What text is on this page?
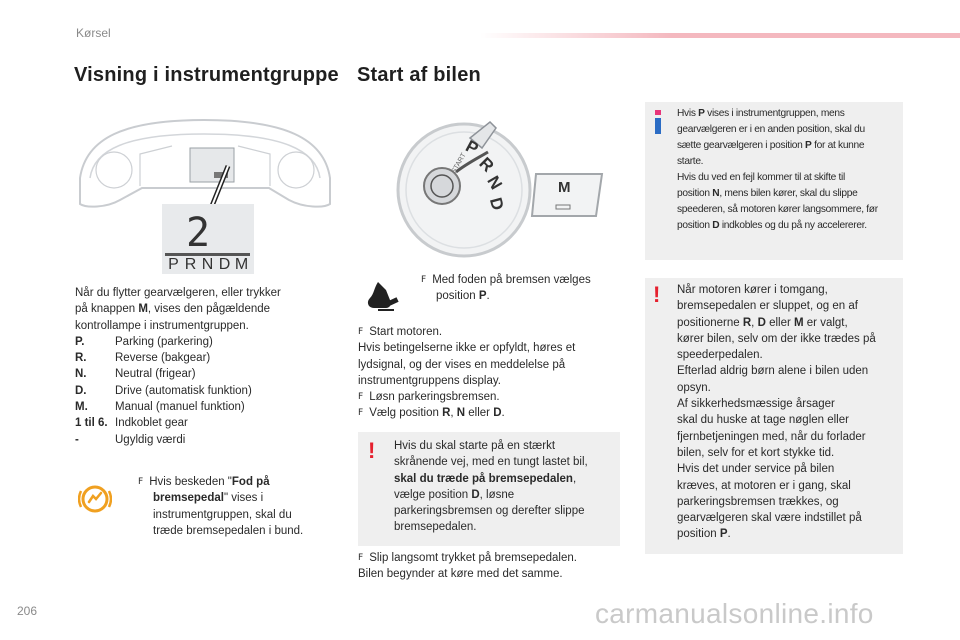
Kørsel
Visning i instrumentgruppe
2
P R N D M
Når du flytter gearvælgeren, eller trykker
på knappen M, vises den pågældende
kontrollampe i instrumentgruppen.
P.	Parking (parkering)
R.	Reverse (bakgear)
N.	Neutral (frigear)
D.	Drive (automatisk funktion)
M.	Manual (manuel funktion)
1 til 6. Indkoblet gear
-	Ugyldig værdi
F Hvis beskeden "Fod på
bremsepedal" vises i
instrumentgruppen, skal du
træde bremsepedalen i bund.
Start af bilen
P
R
N
D
START
M
F Med foden på bremsen vælges
position P.
F Start motoren.
Hvis betingelserne ikke er opfyldt, høres et
lydsignal, og der vises en meddelelse på
instrumentgruppens display.
F Løsn parkeringsbremsen.
F Vælg position R, N eller D.
! Hvis du skal starte på en stærkt
skrånende vej, med en tungt lastet bil,
skal du træde på bremsepedalen,
vælge position D, løsne
parkeringsbremsen og derefter slippe
bremsepedalen.
F Slip langsomt trykket på bremsepedalen.
Bilen begynder at køre med det samme.
Hvis P vises i instrumentgruppen, mens
gearvælgeren er i en anden position, skal du
sætte gearvælgeren i position P for at kunne
starte.
Hvis du ved en fejl kommer til at skifte til
position N, mens bilen kører, skal du slippe
speederen, så motoren kører langsommere, før
position D indkobles og du på ny accelererer.
! Når motoren kører i tomgang,
bremsepedalen er sluppet, og en af
positionerne R, D eller M er valgt,
kører bilen, selv om der ikke trædes på
speederpedalen.
Efterlad aldrig børn alene i bilen uden
opsyn.
Af sikkerhedsmæssige årsager
skal du huske at tage nøglen eller
fjernbetjeningen med, når du forlader
bilen, selv for et kort stykke tid.
Hvis det under service på bilen
kræves, at motoren er i gang, skal
parkeringsbremsen trækkes, og
gearvælgeren skal være indstillet på
position P.
206	carmanualsonline.info
